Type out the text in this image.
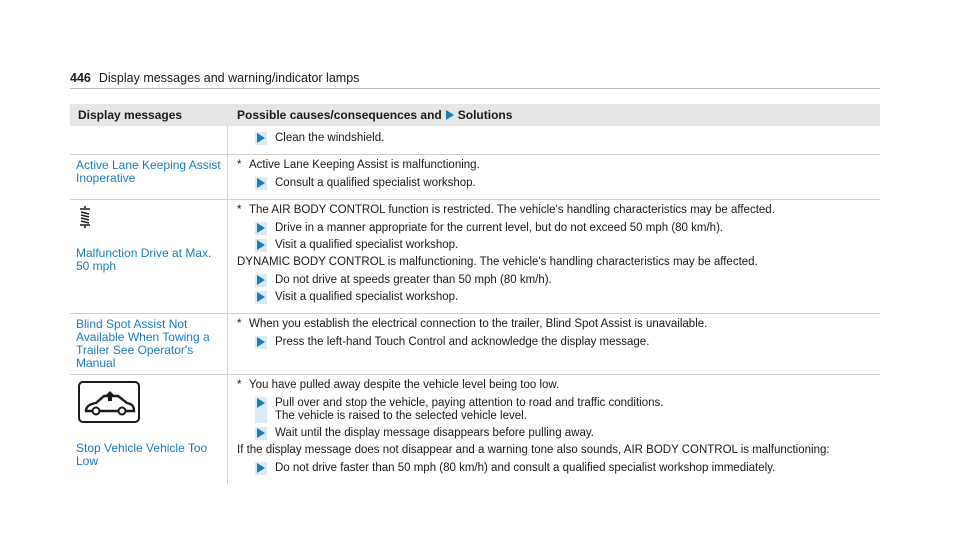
446 Display messages and warning/indicator lamps
Display messages	Possible causes/consequences and Solutions
Clean the windshield.
Active Lane Keeping Assist Inoperative
* Active Lane Keeping Assist is malfunctioning.
Consult a qualified specialist workshop.
Malfunction Drive at Max. 50 mph
* The AIR BODY CONTROL function is restricted. The vehicle's handling characteristics may be affected.
Drive in a manner appropriate for the current level, but do not exceed 50 mph (80 km/h).
Visit a qualified specialist workshop.
DYNAMIC BODY CONTROL is malfunctioning. The vehicle's handling characteristics may be affected.
Do not drive at speeds greater than 50 mph (80 km/h).
Visit a qualified specialist workshop.
Blind Spot Assist Not Available When Towing a Trailer See Operator's Manual
* When you establish the electrical connection to the trailer, Blind Spot Assist is unavailable.
Press the left-hand Touch Control and acknowledge the display message.
Stop Vehicle Vehicle Too Low
* You have pulled away despite the vehicle level being too low.
Pull over and stop the vehicle, paying attention to road and traffic conditions.
The vehicle is raised to the selected vehicle level.
Wait until the display message disappears before pulling away.
If the display message does not disappear and a warning tone also sounds, AIR BODY CONTROL is malfunctioning:
Do not drive faster than 50 mph (80 km/h) and consult a qualified specialist workshop immediately.
